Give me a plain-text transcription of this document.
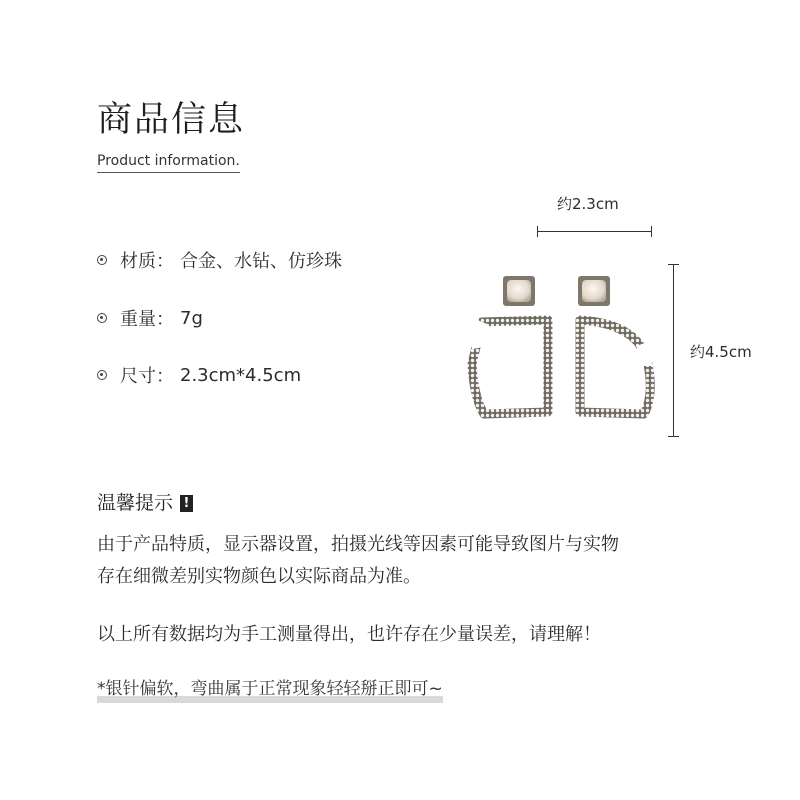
商品信息
Product information.
材 质： 合金、水钻、仿珍珠
重 量： 7g
尺 寸： 2.3cm*4.5cm
约2.3cm
约4.5cm
温馨提示 !
由于产品特质，显示器设置，拍摄光线等因素可能导致图片与实物
存在细微差别实物颜色以实际商品为准。
以上所有数据均为手工测量得出，也许存在少量误差，请理解！
*银针偏软，弯曲属于正常现象轻轻掰正即可~
